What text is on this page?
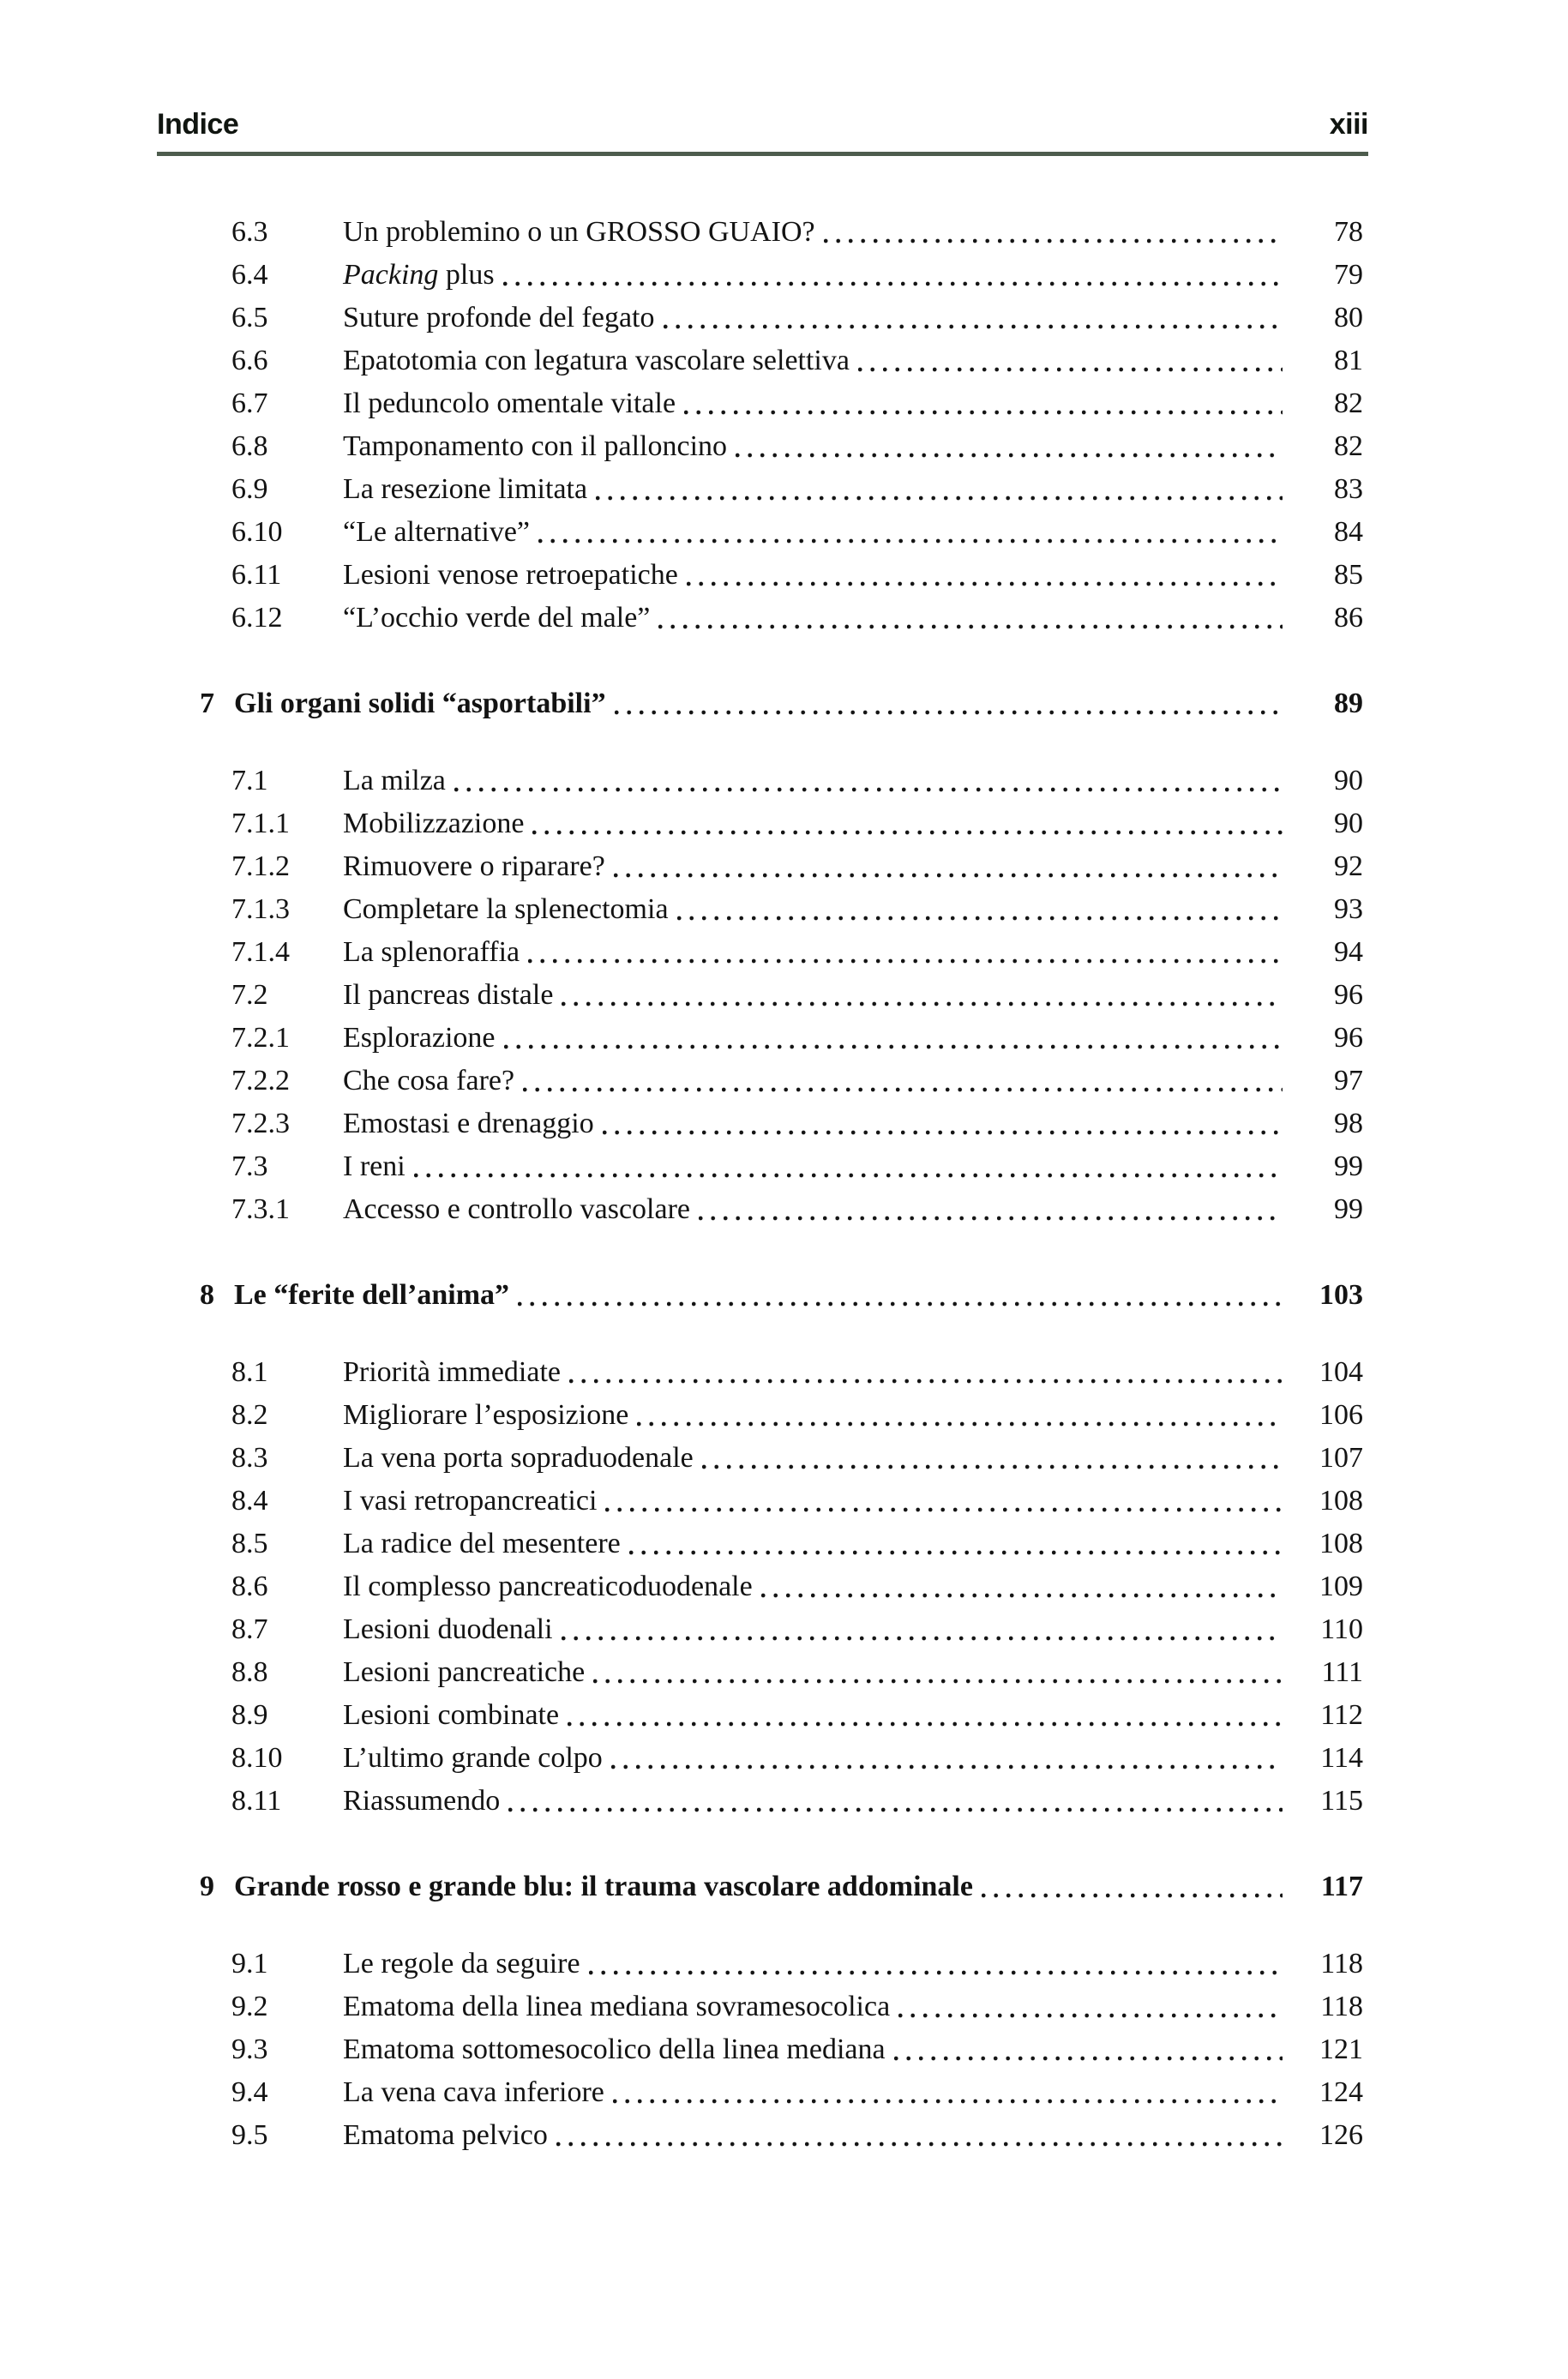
Indice	xiii
6.3	Un problemino o un GROSSO GUAIO?	78
6.4	Packing plus	79
6.5	Suture profonde del fegato	80
6.6	Epatotomia con legatura vascolare selettiva	81
6.7	Il peduncolo omentale vitale	82
6.8	Tamponamento con il palloncino	82
6.9	La resezione limitata	83
6.10	“Le alternative”	84
6.11	Lesioni venose retroepatiche	85
6.12	“L’occhio verde del male”	86
7 Gli organi solidi “asportabili”	89
7.1	La milza	90
7.1.1	Mobilizzazione	90
7.1.2	Rimuovere o riparare?	92
7.1.3	Completare la splenectomia	93
7.1.4	La splenoraffia	94
7.2	Il pancreas distale	96
7.2.1	Esplorazione	96
7.2.2	Che cosa fare?	97
7.2.3	Emostasi e drenaggio	98
7.3	I reni	99
7.3.1	Accesso e controllo vascolare	99
8 Le “ferite dell’anima”	103
8.1	Priorità immediate	104
8.2	Migliorare l’esposizione	106
8.3	La vena porta sopraduodenale	107
8.4	I vasi retropancreatici	108
8.5	La radice del mesentere	108
8.6	Il complesso pancreaticoduodenale	109
8.7	Lesioni duodenali	110
8.8	Lesioni pancreatiche	111
8.9	Lesioni combinate	112
8.10	L’ultimo grande colpo	114
8.11	Riassumendo	115
9 Grande rosso e grande blu: il trauma vascolare addominale	117
9.1	Le regole da seguire	118
9.2	Ematoma della linea mediana sovramesocolica	118
9.3	Ematoma sottomesocolico della linea mediana	121
9.4	La vena cava inferiore	124
9.5	Ematoma pelvico	126
